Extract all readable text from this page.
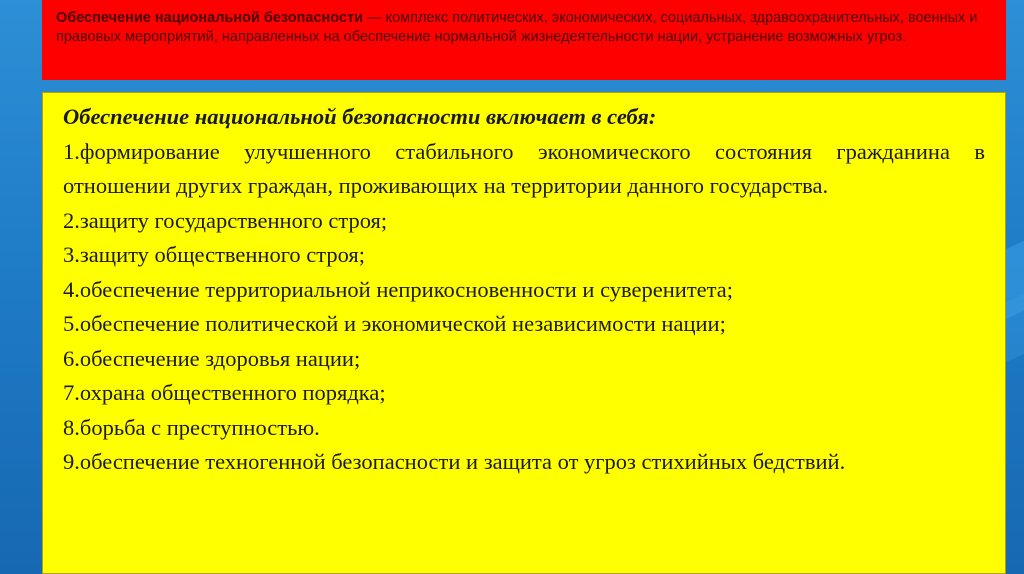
Обеспечение национальной безопасности — комплекс политических, экономических, социальных, здравоохранительных, военных и правовых мероприятий, направленных на обеспечение нормальной жизнедеятельности нации, устранение возможных угроз.
Обеспечение национальной безопасности включает в себя:
1.формирование улучшенного стабильного экономического состояния гражданина в отношении других граждан, проживающих на территории данного государства.
2.защиту государственного строя;
3.защиту общественного строя;
4.обеспечение территориальной неприкосновенности и суверенитета;
5.обеспечение политической и экономической независимости нации;
6.обеспечение здоровья нации;
7.охрана общественного порядка;
8.борьба с преступностью.
9.обеспечение техногенной безопасности и защита от угроз стихийных бедствий.
